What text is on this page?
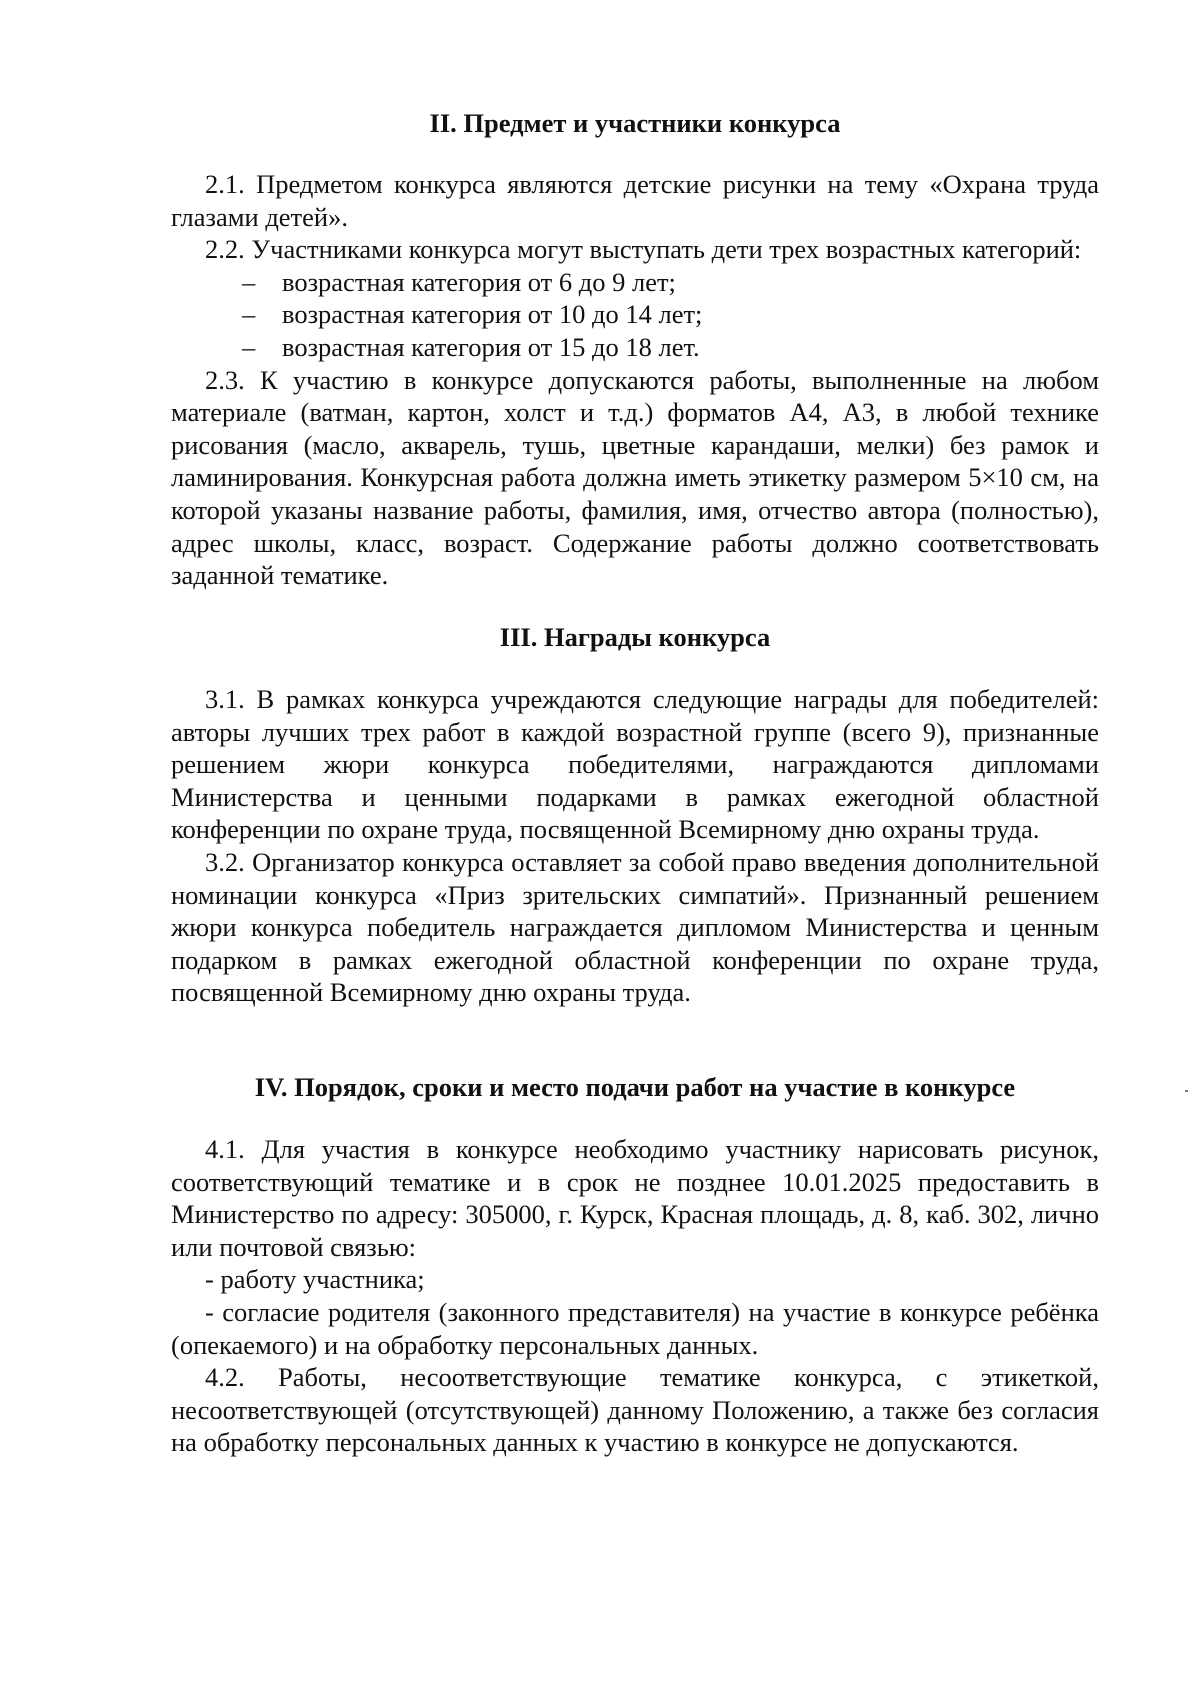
II. Предмет и участники конкурса

2.1. Предметом конкурса являются детские рисунки на тему «Охрана труда глазами детей».

2.2. Участниками конкурса могут выступать дети трех возрастных категорий:

–	возрастная категория от 6 до 9 лет;
–	возрастная категория от 10 до 14 лет;
–	возрастная категория от 15 до 18 лет.

2.3. К участию в конкурсе допускаются работы, выполненные на любом материале (ватман, картон, холст и т.д.) форматов А4, А3, в любой технике рисования (масло, акварель, тушь, цветные карандаши, мелки) без рамок и ламинирования. Конкурсная работа должна иметь этикетку размером 5×10 см, на которой указаны название работы, фамилия, имя, отчество автора (полностью), адрес школы, класс, возраст. Содержание работы должно соответствовать заданной тематике.

III. Награды конкурса

3.1. В рамках конкурса учреждаются следующие награды для победителей: авторы лучших трех работ в каждой возрастной группе (всего 9), признанные решением жюри конкурса победителями, награждаются дипломами Министерства и ценными подарками в рамках ежегодной областной конференции по охране труда, посвященной Всемирному дню охраны труда.

3.2. Организатор конкурса оставляет за собой право введения дополнительной номинации конкурса «Приз зрительских симпатий». Признанный решением жюри конкурса победитель награждается дипломом Министерства и ценным подарком в рамках ежегодной областной конференции по охране труда, посвященной Всемирному дню охраны труда.

IV. Порядок, сроки и место подачи работ на участие в конкурсе

4.1. Для участия в конкурсе необходимо участнику нарисовать рисунок, соответствующий тематике и в срок не позднее 10.01.2025 предоставить в Министерство по адресу: 305000, г. Курск, Красная площадь, д. 8, каб. 302, лично или почтовой связью:

- работу участника;

- согласие родителя (законного представителя) на участие в конкурсе ребёнка (опекаемого) и на обработку персональных данных.

4.2. Работы, несоответствующие тематике конкурса, с этикеткой, несоответствующей (отсутствующей) данному Положению, а также без согласия на обработку персональных данных к участию в конкурсе не допускаются.
